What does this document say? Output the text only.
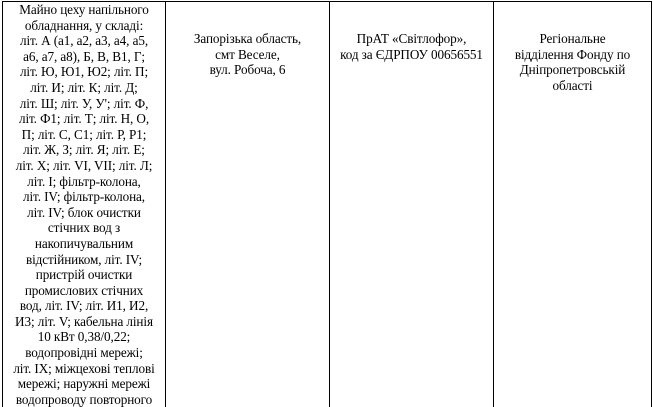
Майно цеху напільного
обладнання, у складі:
літ. А (а1, а2, а3, а4, а5,
а6, а7, а8), Б, В, В1, Г;
літ. Ю, Ю1, Ю2; літ. П;
літ. И; літ. К; літ. Д;
літ. Ш; літ. У, У'; літ. Ф,
літ. Ф1; літ. Т; літ. Н, О,
П; літ. С, С1; літ. Р, Р1;
літ. Ж, З; літ. Я; літ. Е;
літ. Х; літ. VI, VII; літ. Л;
літ. I; фільтр-колона,
літ. IV; фільтр-колона,
літ. IV; блок очистки
стічних вод з
накопичувальним
відстійником, літ. IV;
пристрій очистки
промислових стічних
вод, літ. IV; літ. И1, И2,
И3; літ. V; кабельна лінія
10 кВт 0,38/0,22;
водопровідні мережі;
літ. IX; міжцехові теплові
мережі; наружні мережі
водопроводу повторного

Запорізька область,
смт Веселе,
вул. Робоча, 6

ПрАТ «Світлофор»,
код за ЄДРПОУ 00656551

Регіональне
відділення Фонду по
Дніпропетровській
області
